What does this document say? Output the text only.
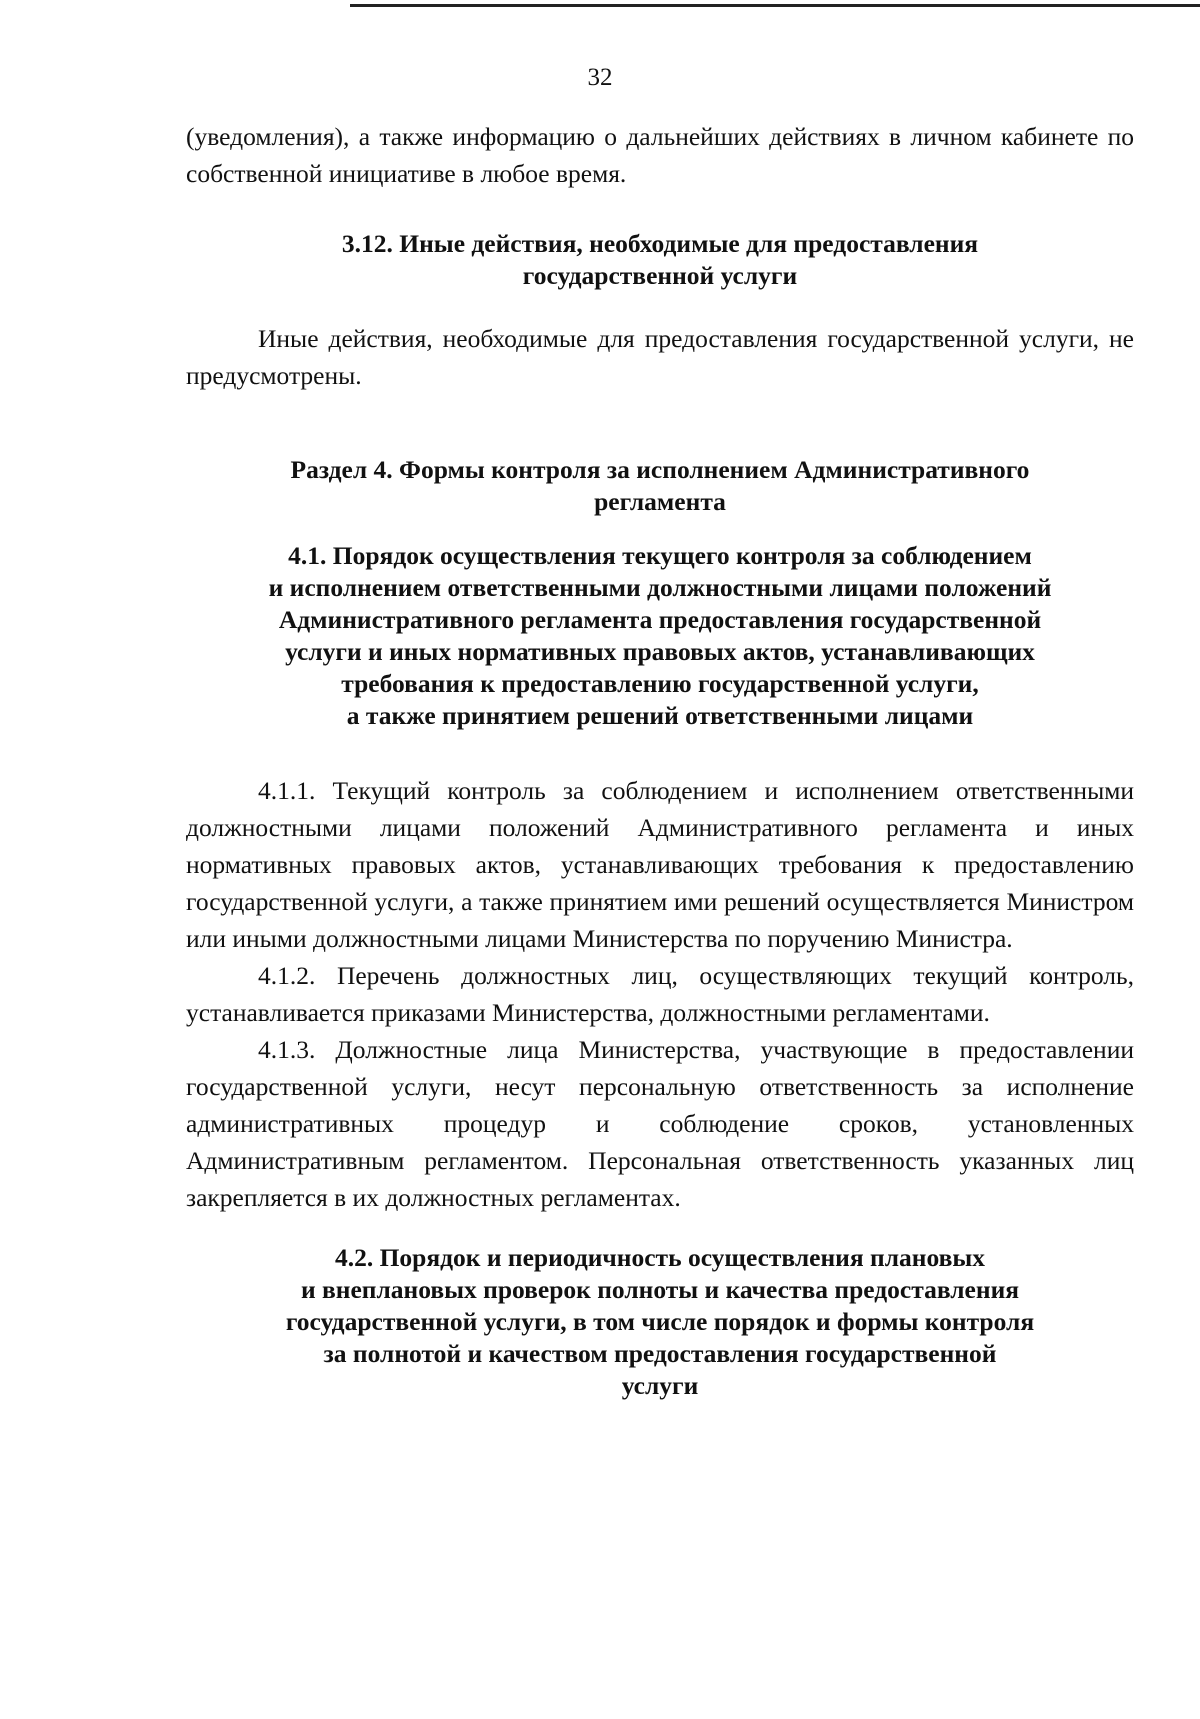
32

(уведомления), а также информацию о дальнейших действиях в личном кабинете по собственной инициативе в любое время.

3.12. Иные действия, необходимые для предоставления
государственной услуги

Иные действия, необходимые для предоставления государственной услуги, не предусмотрены.

Раздел 4. Формы контроля за исполнением Административного
регламента
4.1. Порядок осуществления текущего контроля за соблюдением
и исполнением ответственными должностными лицами положений
Административного регламента предоставления государственной
услуги и иных нормативных правовых актов, устанавливающих
требования к предоставлению государственной услуги,
а также принятием решений ответственными лицами

4.1.1. Текущий контроль за соблюдением и исполнением ответственными должностными лицами положений Административного регламента и иных нормативных правовых актов, устанавливающих требования к предоставлению государственной услуги, а также принятием ими решений осуществляется Министром или иными должностными лицами Министерства по поручению Министра.

4.1.2. Перечень должностных лиц, осуществляющих текущий контроль, устанавливается приказами Министерства, должностными регламентами.

4.1.3. Должностные лица Министерства, участвующие в предоставлении государственной услуги, несут персональную ответственность за исполнение административных процедур и соблюдение сроков, установленных Административным регламентом. Персональная ответственность указанных лиц закрепляется в их должностных регламентах.

4.2. Порядок и периодичность осуществления плановых
и внеплановых проверок полноты и качества предоставления
государственной услуги, в том числе порядок и формы контроля
за полнотой и качеством предоставления государственной
услуги
